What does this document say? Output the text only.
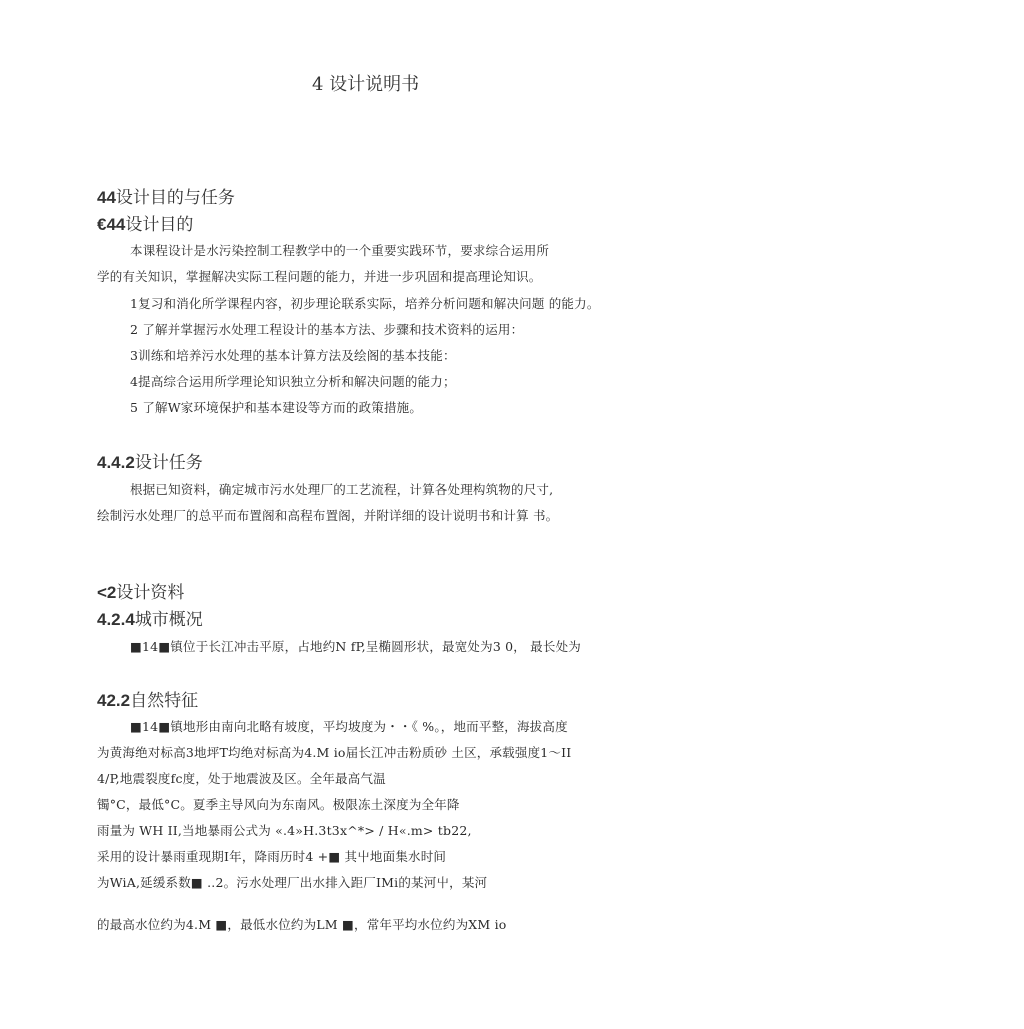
4 设计说明书
44设计目的与任务
€44设计目的
本课程设计是水污染控制工程教学中的一个重要实践环节，要求综合运用所
学的有关知识，掌握解决实际工程问题的能力，并进一步巩固和提高理论知识。
1复习和消化所学课程内容，初步理论联系实际，培养分析问题和解决问题 的能力。
2 了解并掌握污水处理工程设计的基本方法、步骤和技术资料的运用：
3训练和培养污水处理的基本计算方法及绘阁的基本技能：
4提高综合运用所学理论知识独立分析和解决问题的能力；
5 了解W家环境保护和基本建设等方而的政策措施。
4.4.2设计任务
根据已知资料，确定城市污水处理厂的工艺流程，计算各处理构筑物的尺寸,
绘制污水处理厂的总平而布置阁和高程布置阁，并附详细的设计说明书和计算 书。
<2设计资料
4.2.4城市概况
■14■镇位于长江冲击平原，占地约N fP,呈椭圆形状，最宽处为3 0， 最长处为
42.2自然特征
■14■镇地形由南向北略有坡度，平均坡度为・・《 %。，地而平整，海拔高度
为黄海绝对标高3地坪T均绝对标高为4.M io届长江冲击粉质砂 土区，承载强度1～II
4/P,地震裂度fc度，处于地震波及区。全年最高气温
镯°C，最低°C。夏季主导风向为东南风。极限冻土深度为全年降
雨量为 WH II,当地暴雨公式为 «.4»H.3t3x^*> / H«.m> tb22,
采用的设计暴雨重现期I年，降雨历时4 +■ 其屮地面集水时间
为WiA,延缓系数■ ..2。污水处理厂出水排入距厂IMi的某河屮，某河
的最高水位约为4.M ■，最低水位约为LM ■，常年平均水位约为XM io
